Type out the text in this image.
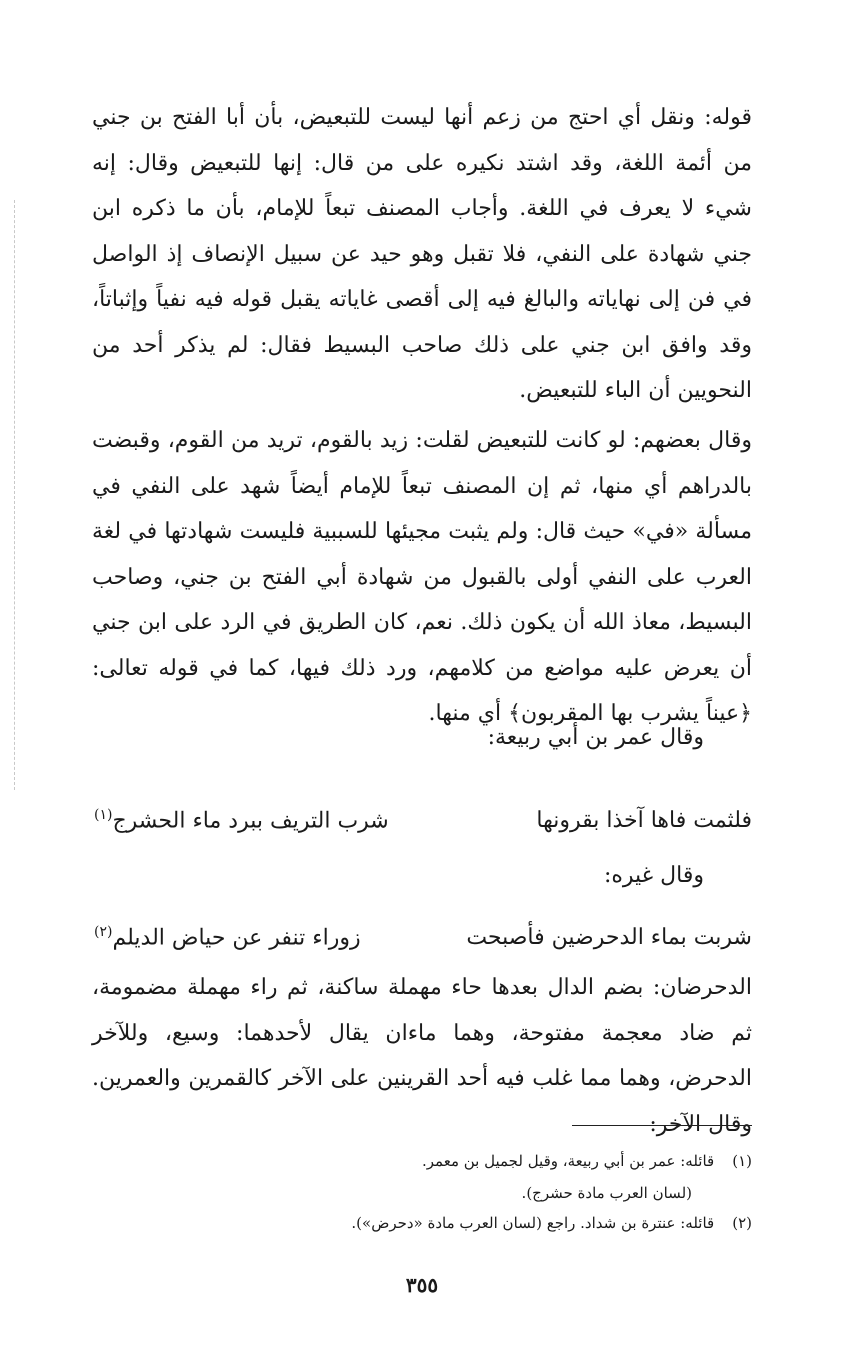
قوله: ونقل أي احتج من زعم أنها ليست للتبعيض، بأن أبا الفتح بن جني من أئمة اللغة، وقد اشتد نكيره على من قال: إنها للتبعيض وقال: إنه شيء لا يعرف في اللغة. وأجاب المصنف تبعاً للإمام، بأن ما ذكره ابن جني شهادة على النفي، فلا تقبل وهو حيد عن سبيل الإنصاف إذ الواصل في فن إلى نهاياته والبالغ فيه إلى أقصى غاياته يقبل قوله فيه نفياً وإثباتاً، وقد وافق ابن جني على ذلك صاحب البسيط فقال: لم يذكر أحد من النحويين أن الباء للتبعيض.

وقال بعضهم: لو كانت للتبعيض لقلت: زيد بالقوم، تريد من القوم، وقبضت بالدراهم أي منها، ثم إن المصنف تبعاً للإمام أيضاً شهد على النفي في مسألة «في» حيث قال: ولم يثبت مجيئها للسببية فليست شهادتها في لغة العرب على النفي أولى بالقبول من شهادة أبي الفتح بن جني، وصاحب البسيط، معاذ الله أن يكون ذلك. نعم، كان الطريق في الرد على ابن جني أن يعرض عليه مواضع من كلامهم، ورد ذلك فيها، كما في قوله تعالى: ﴿عيناً يشرب بها المقربون﴾ أي منها.

وقال عمر بن أبي ربيعة:

فلثمت فاها آخذا بقرونها
شرب التريف ببرد ماء الحشرج$^{(١)}$

وقال غيره:

شربت بماء الدحرضين فأصبحت
زوراء تنفر عن حياض الديلم$^{(٢)}$

الدحرضان: بضم الدال بعدها حاء مهملة ساكنة، ثم راء مهملة مضمومة، ثم ضاد معجمة مفتوحة، وهما ماءان يقال لأحدهما: وسيع، وللآخر الدحرض، وهما مما غلب فيه أحد القرينين على الآخر كالقمرين والعمرين. وقال الآخر:

(١)قائله: عمر بن أبي ربيعة، وقيل لجميل بن معمر.
(لسان العرب مادة حشرج).
(٢)قائله: عنترة بن شداد. راجع (لسان العرب مادة «دحرض»).
٣٥٥
